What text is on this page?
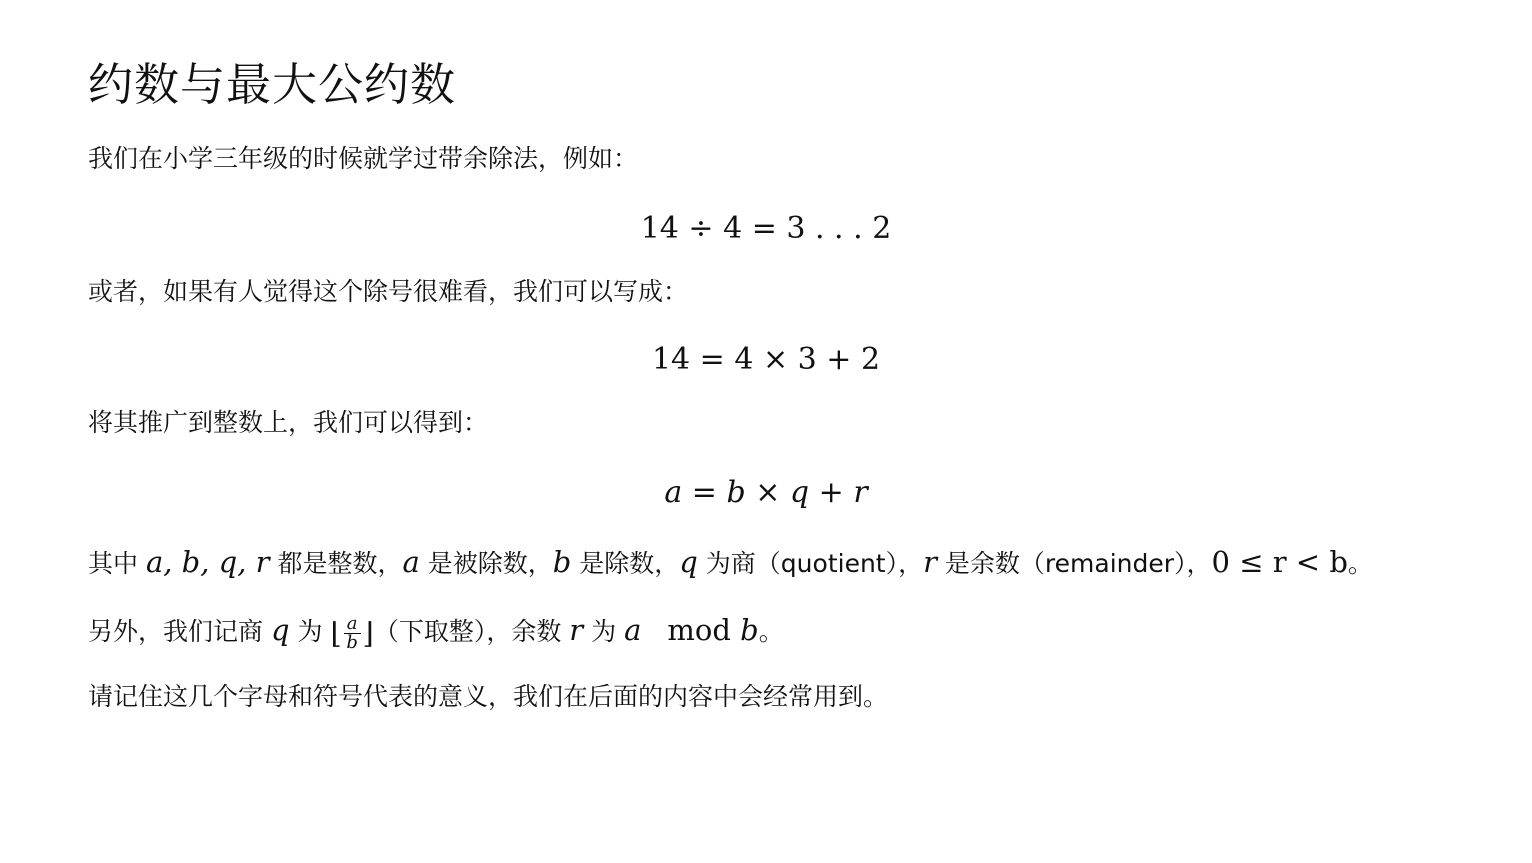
约数与最大公约数
我们在小学三年级的时候就学过带余除法，例如：
14 ÷ 4 = 3 . . . 2
或者，如果有人觉得这个除号很难看，我们可以写成：
14 = 4 × 3 + 2
将其推广到整数上，我们可以得到：
a = b × q + r
其中 a, b, q, r 都是整数，a 是被除数，b 是除数，q 为商（quotient），r 是余数（remainder），0 ≤ r < b。
另外，我们记商 q 为 ⌊ $\frac{a}{b}$ ⌋（下取整），余数 r 为 a mod b。
请记住这几个字母和符号代表的意义，我们在后面的内容中会经常用到。
